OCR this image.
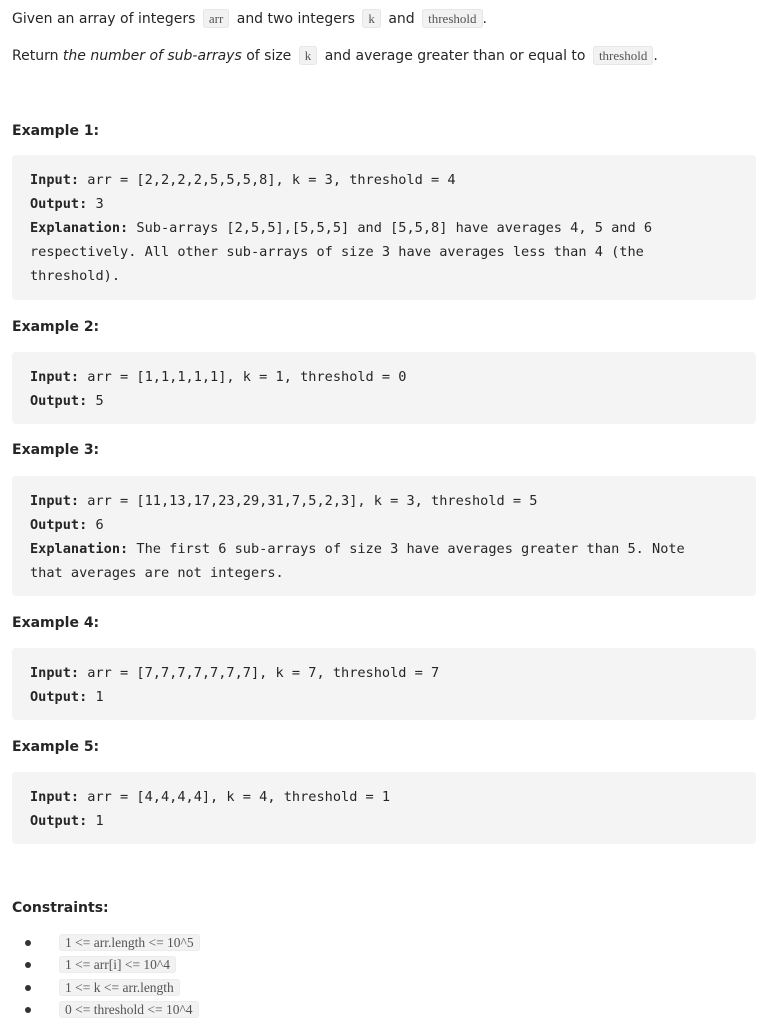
Given an array of integers arr and two integers k and threshold .
Return the number of sub-arrays of size k and average greater than or equal to threshold .
Example 1:
Input: arr = [2,2,2,2,5,5,5,8], k = 3, threshold = 4
Output: 3
Explanation: Sub-arrays [2,5,5],[5,5,5] and [5,5,8] have averages 4, 5 and 6
respectively. All other sub-arrays of size 3 have averages less than 4 (the
threshold).
Example 2:
Input: arr = [1,1,1,1,1], k = 1, threshold = 0
Output: 5
Example 3:
Input: arr = [11,13,17,23,29,31,7,5,2,3], k = 3, threshold = 5
Output: 6
Explanation: The first 6 sub-arrays of size 3 have averages greater than 5. Note
that averages are not integers.
Example 4:
Input: arr = [7,7,7,7,7,7,7], k = 7, threshold = 7
Output: 1
Example 5:
Input: arr = [4,4,4,4], k = 4, threshold = 1
Output: 1
Constraints:
1 <= arr.length <= 10^5
1 <= arr[i] <= 10^4
1 <= k <= arr.length
0 <= threshold <= 10^4
